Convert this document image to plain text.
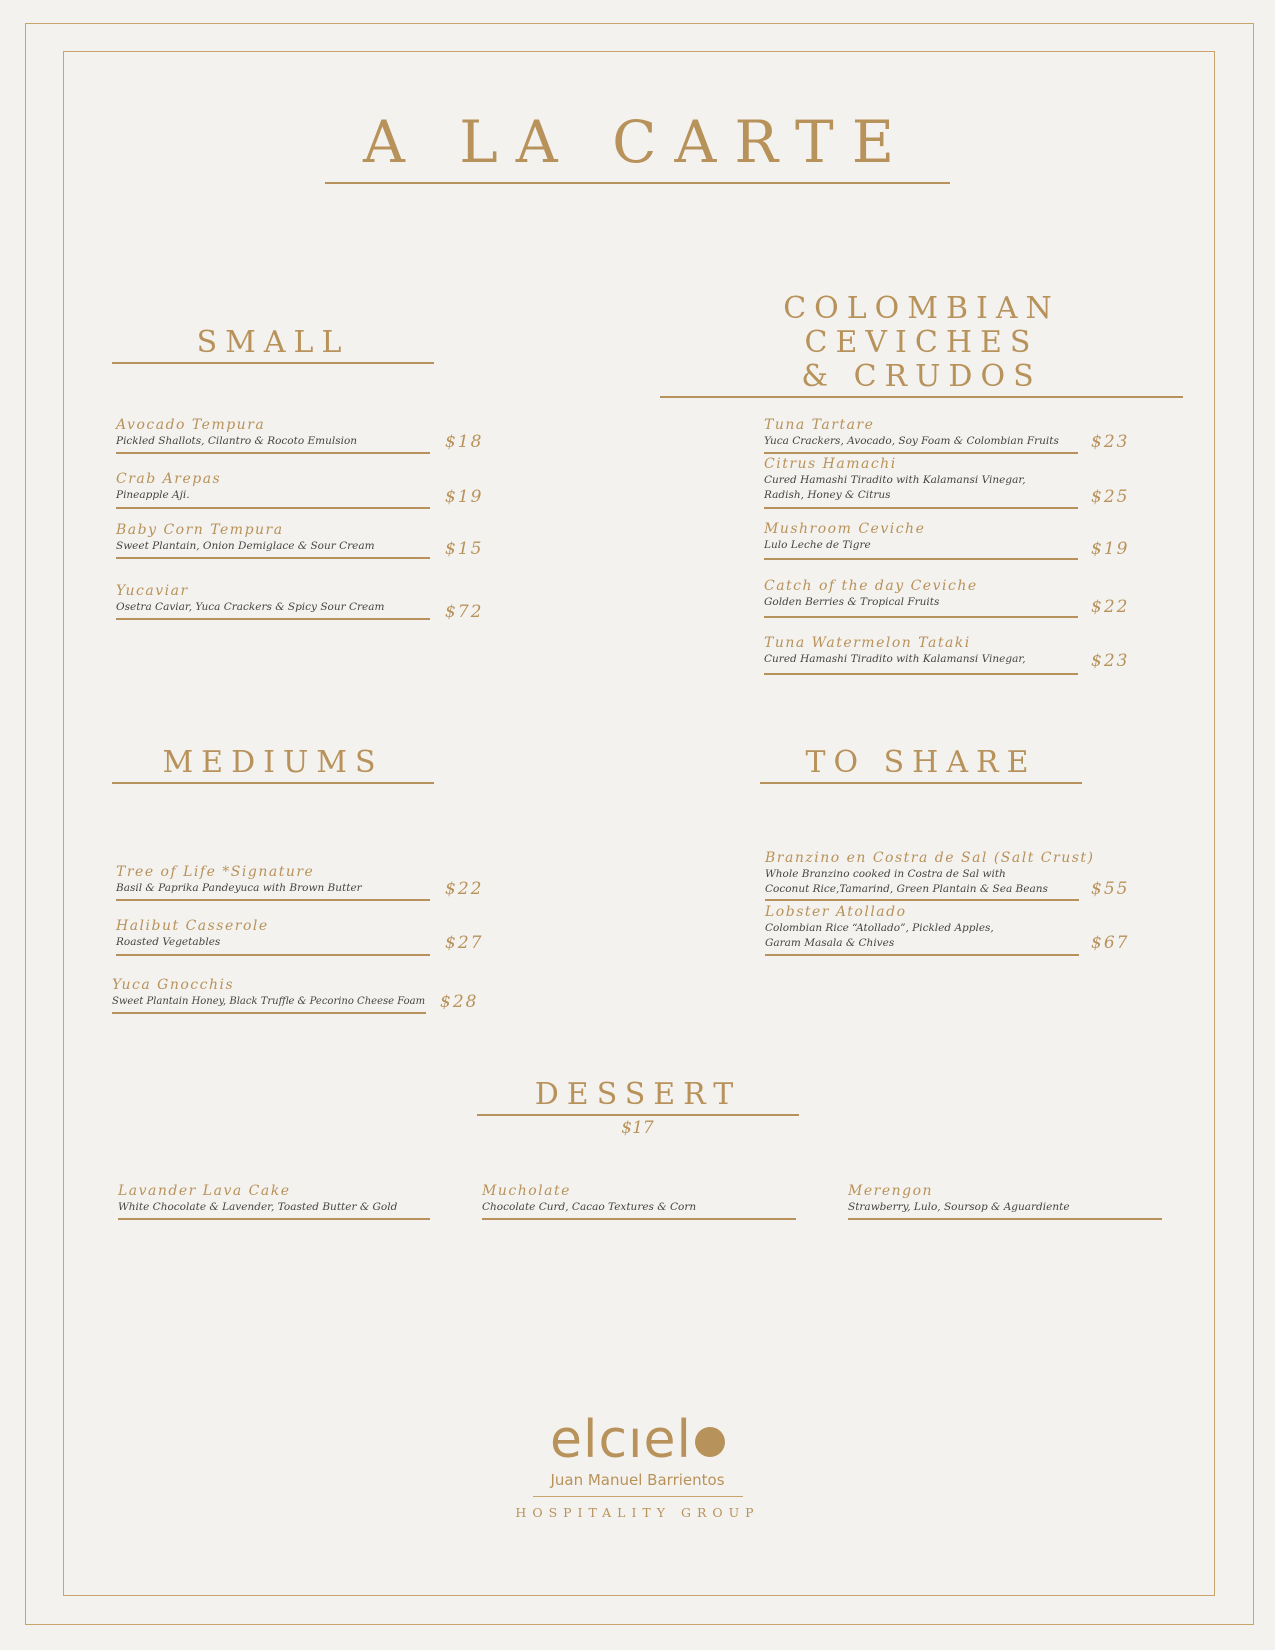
A LA CARTE
SMALL
Avocado Tempura
Pickled Shallots, Cilantro & Rocoto Emulsion	$18
Crab Arepas
Pineapple Aji.	$19
Baby Corn Tempura
Sweet Plantain, Onion Demiglace & Sour Cream	$15
Yucaviar
Osetra Caviar, Yuca Crackers & Spicy Sour Cream	$72
COLOMBIAN CEVICHES
& CRUDOS
Tuna Tartare
Yuca Crackers, Avocado, Soy Foam & Colombian Fruits	$23
Citrus Hamachi
Cured Hamashi Tiradito with Kalamansi Vinegar,
Radish, Honey & Citrus	$25
Mushroom Ceviche
Lulo Leche de Tigre	$19
Catch of the day Ceviche
Golden Berries & Tropical Fruits	$22
Tuna Watermelon Tataki
Cured Hamashi Tiradito with Kalamansi Vinegar,	$23
MEDIUMS
Tree of Life *Signature
Basil & Paprika Pandeyuca with Brown Butter	$22
Halibut Casserole
Roasted Vegetables	$27
Yuca Gnocchis
Sweet Plantain Honey, Black Truffle & Pecorino Cheese Foam $28
TO SHARE
Branzino en Costra de Sal (Salt Crust)
Whole Branzino cooked in Costra de Sal with
Coconut Rice,Tamarind, Green Plantain & Sea Beans	$55
Lobster Atollado
Colombian Rice “Atollado”, Pickled Apples,
Garam Masala & Chives	$67
DESSERT
$17
Lavander Lava Cake
White Chocolate & Lavender, Toasted Butter & Gold
Mucholate
Chocolate Curd, Cacao Textures & Corn
Merengon
Strawberry, Lulo, Soursop & Aguardiente
elcıel
Juan Manuel Barrientos
HOSPITALITY GROUP
